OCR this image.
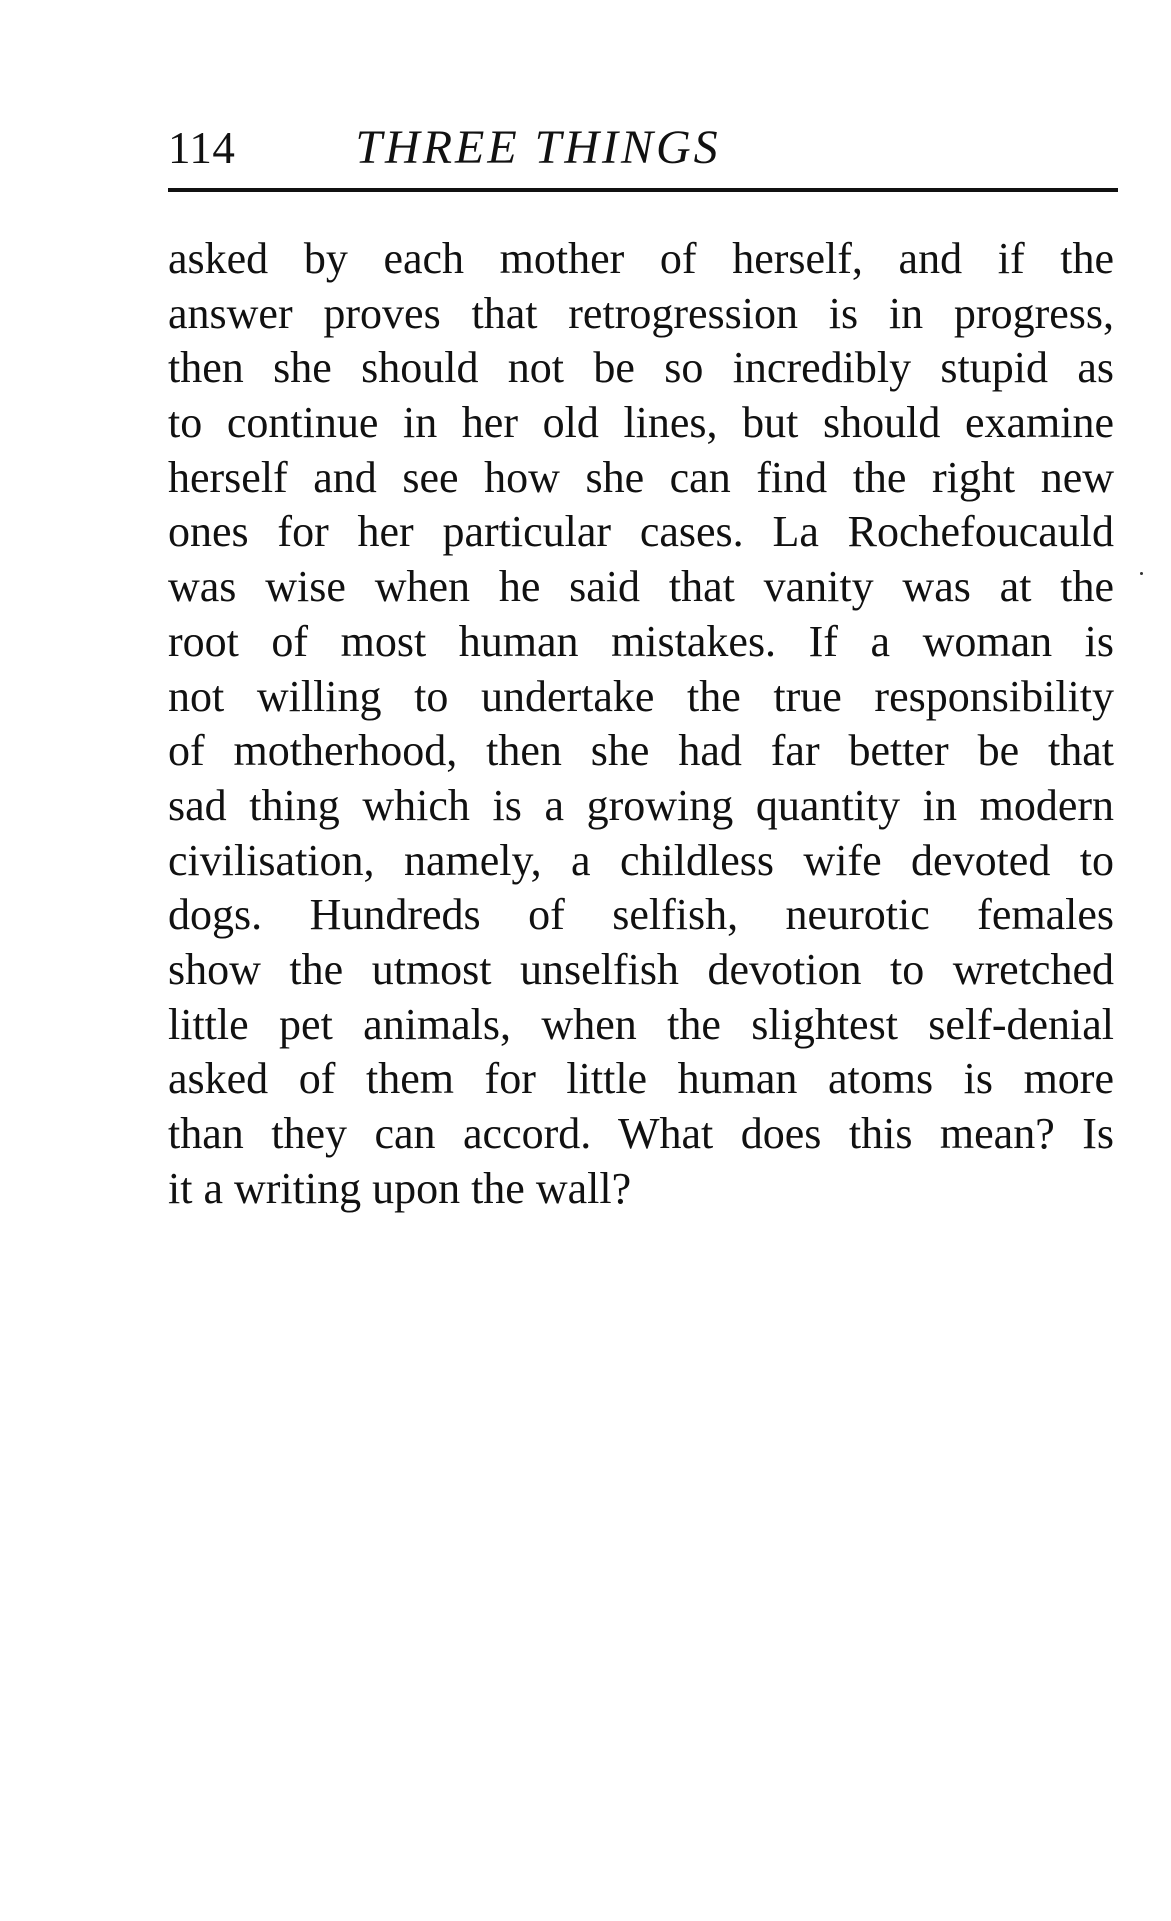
114	THREE THINGS
asked by each mother of herself, and if the
answer proves that retrogression is in progress,
then she should not be so incredibly stupid as
to continue in her old lines, but should examine
herself and see how she can find the right new
ones for her particular cases. La Rochefoucauld
was wise when he said that vanity was at the
root of most human mistakes. If a woman is
not willing to undertake the true responsibility
of motherhood, then she had far better be that
sad thing which is a growing quantity in modern
civilisation, namely, a childless wife devoted to
dogs. Hundreds of selfish, neurotic females
show the utmost unselfish devotion to wretched
little pet animals, when the slightest self-denial
asked of them for little human atoms is more
than they can accord. What does this mean? Is
it a writing upon the wall?
